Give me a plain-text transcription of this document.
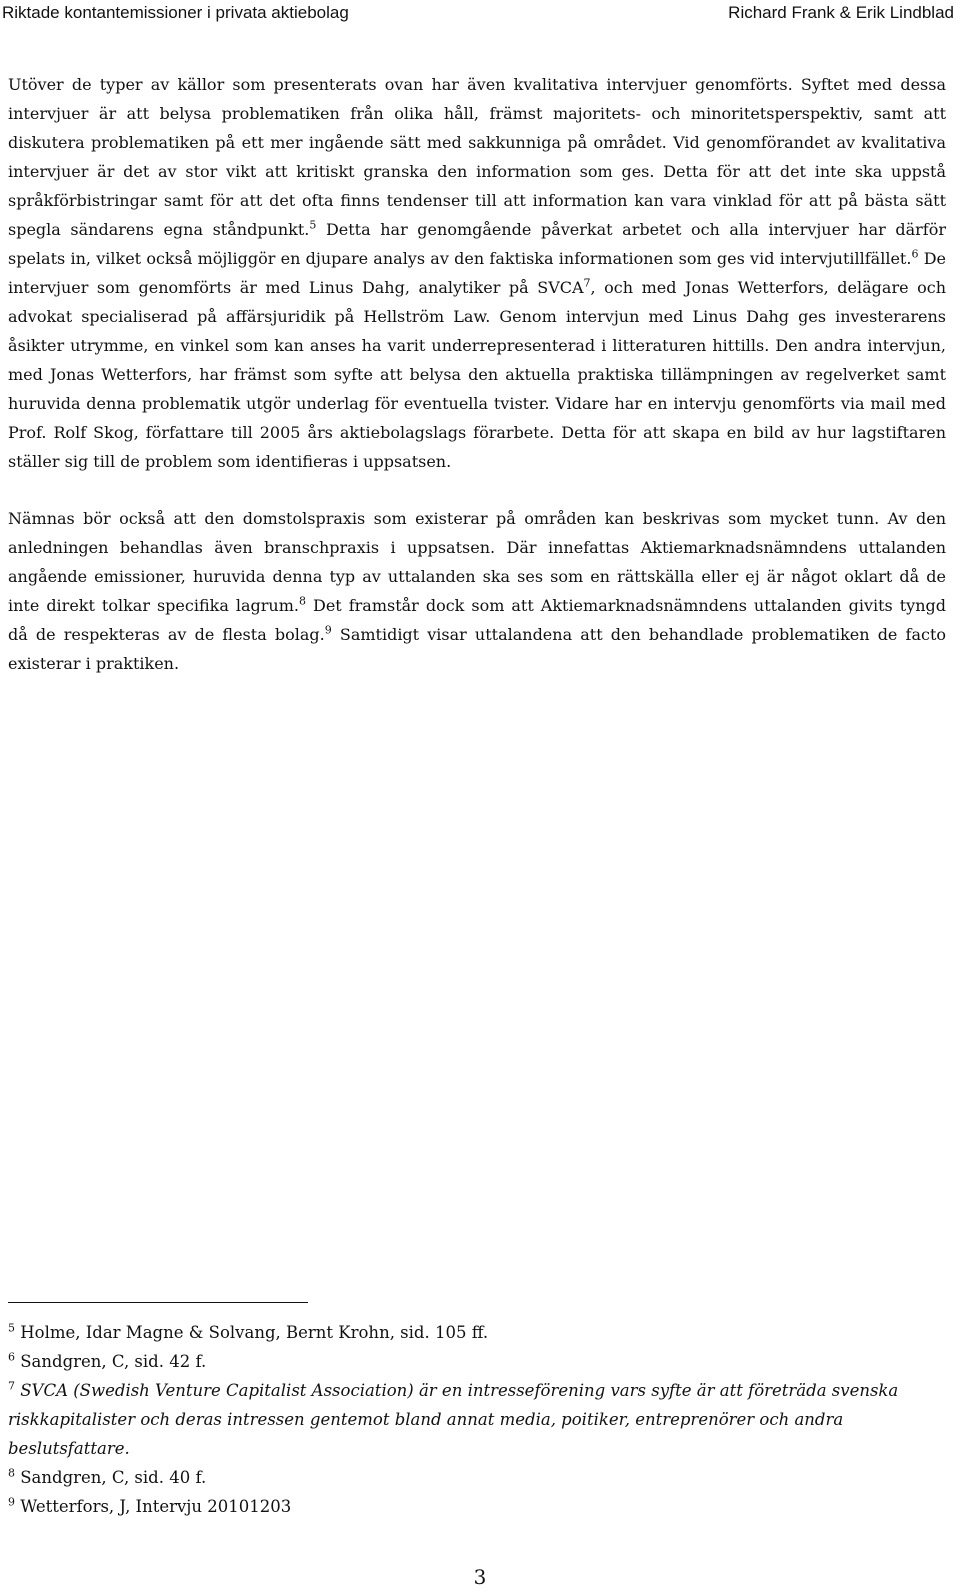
Riktade kontantemissioner i privata aktiebolag	Richard Frank & Erik Lindblad

Utöver de typer av källor som presenterats ovan har även kvalitativa intervjuer genomförts. Syftet med dessa intervjuer är att belysa problematiken från olika håll, främst majoritets- och minoritetsperspektiv, samt att diskutera problematiken på ett mer ingående sätt med sakkunniga på området. Vid genomförandet av kvalitativa intervjuer är det av stor vikt att kritiskt granska den information som ges. Detta för att det inte ska uppstå språkförbistringar samt för att det ofta finns tendenser till att information kan vara vinklad för att på bästa sätt spegla sändarens egna ståndpunkt.$^5$ Detta har genomgående påverkat arbetet och alla intervjuer har därför spelats in, vilket också möjliggör en djupare analys av den faktiska informationen som ges vid intervjutillfället.$^6$ De intervjuer som genomförts är med Linus Dahg, analytiker på SVCA$^7$, och med Jonas Wetterfors, delägare och advokat specialiserad på affärsjuridik på Hellström Law. Genom intervjun med Linus Dahg ges investerarens åsikter utrymme, en vinkel som kan anses ha varit underrepresenterad i litteraturen hittills. Den andra intervjun, med Jonas Wetterfors, har främst som syfte att belysa den aktuella praktiska tillämpningen av regelverket samt huruvida denna problematik utgör underlag för eventuella tvister. Vidare har en intervju genomförts via mail med Prof. Rolf Skog, författare till 2005 års aktiebolagslags förarbete. Detta för att skapa en bild av hur lagstiftaren ställer sig till de problem som identifieras i uppsatsen.

Nämnas bör också att den domstolspraxis som existerar på områden kan beskrivas som mycket tunn. Av den anledningen behandlas även branschpraxis i uppsatsen. Där innefattas Aktiemarknadsnämndens uttalanden angående emissioner, huruvida denna typ av uttalanden ska ses som en rättskälla eller ej är något oklart då de inte direkt tolkar specifika lagrum.$^8$ Det framstår dock som att Aktiemarknadsnämndens uttalanden givits tyngd då de respekteras av de flesta bolag.$^9$ Samtidigt visar uttalandena att den behandlade problematiken de facto existerar i praktiken.

$^5$ Holme, Idar Magne & Solvang, Bernt Krohn, sid. 105 ff.

$^6$ Sandgren, C, sid. 42 f.

$^7$ SVCA (Swedish Venture Capitalist Association) är en intresseförening vars syfte är att företräda svenska riskkapitalister och deras intressen gentemot bland annat media, poitiker, entreprenörer och andra beslutsfattare.

$^8$ Sandgren, C, sid. 40 f.

$^9$ Wetterfors, J, Intervju 20101203

3
